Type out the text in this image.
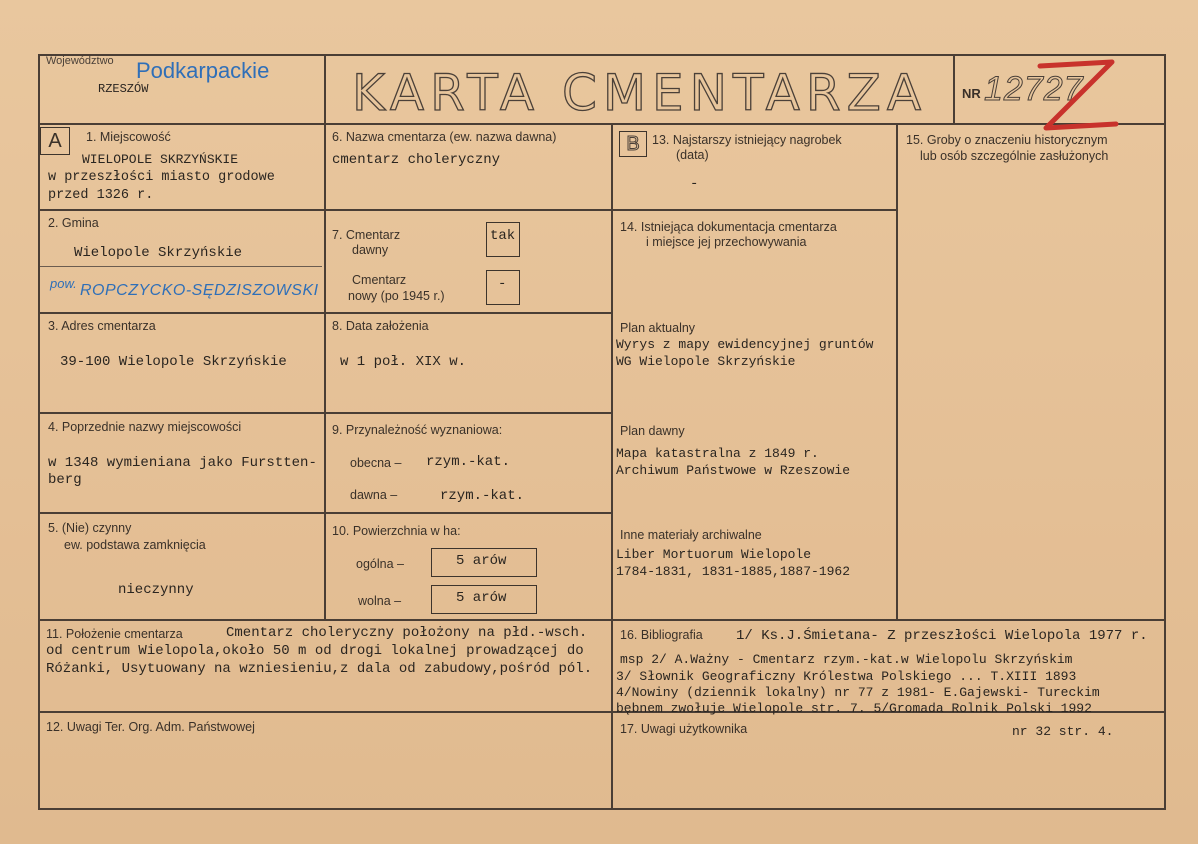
Województwo Podkarpackie
RZESZÓW	KARTA CMENTARZA	NR 12727
A	B
1. Miejscowość
WIELOPOLE SKRZYŃSKIE
w przeszłości miasto grodowe
przed 1326 r.
2. Gmina
Wielopole Skrzyńskie
pow. ROPCZYCKO-SĘDZISZOWSKI
3. Adres cmentarza
39-100 Wielopole Skrzyńskie
4. Poprzednie nazwy miejscowości
w 1348 wymieniana jako Furstten-
berg
5. (Nie) czynny
ew. podstawa zamknięcia
nieczynny
6. Nazwa cmentarza (ew. nazwa dawna)
cmentarz choleryczny
7. Cmentarz
dawny
tak
Cmentarz
nowy (po 1945 r.)
-
8. Data założenia
w 1 poł. XIX w.
9. Przynależność wyznaniowa:
obecna – rzym.-kat.
dawna –	rzym.-kat.
10. Powierzchnia w ha:
ogólna –	5 arów
wolna –	5 arów
11. Położenie cmentarza	Cmentarz choleryczny położony na płd.-wsch.
od centrum Wielopola,około 50 m od drogi lokalnej prowadzącej do
Różanki, Usytuowany na wzniesieniu,z dala od zabudowy,pośród pól.
12. Uwagi Ter. Org. Adm. Państwowej
13. Najstarszy istniejący nagrobek
(data)
-
14. Istniejąca dokumentacja cmentarza
i miejsce jej przechowywania
Plan aktualny
Wyrys z mapy ewidencyjnej gruntów
WG Wielopole Skrzyńskie
Plan dawny
Mapa katastralna z 1849 r.
Archiwum Państwowe w Rzeszowie
Inne materiały archiwalne
Liber Mortuorum Wielopole
1784-1831, 1831-1885,1887-1962
15. Groby o znaczeniu historycznym
lub osób szczególnie zasłużonych
16. Bibliografia 1/ Ks.J.Śmietana- Z przeszłości Wielopola 1977 r.
msp 2/ A.Ważny - Cmentarz rzym.-kat.w Wielopolu Skrzyńskim
3/ Słownik Geograficzny Królestwa Polskiego ... T.XIII 1893
4/Nowiny (dziennik lokalny) nr 77 z 1981- E.Gajewski- Tureckim
bębnem zwołuje Wielopole str. 7. 5/Gromada Rolnik Polski 1992
17. Uwagi użytkownika	nr 32 str. 4.
